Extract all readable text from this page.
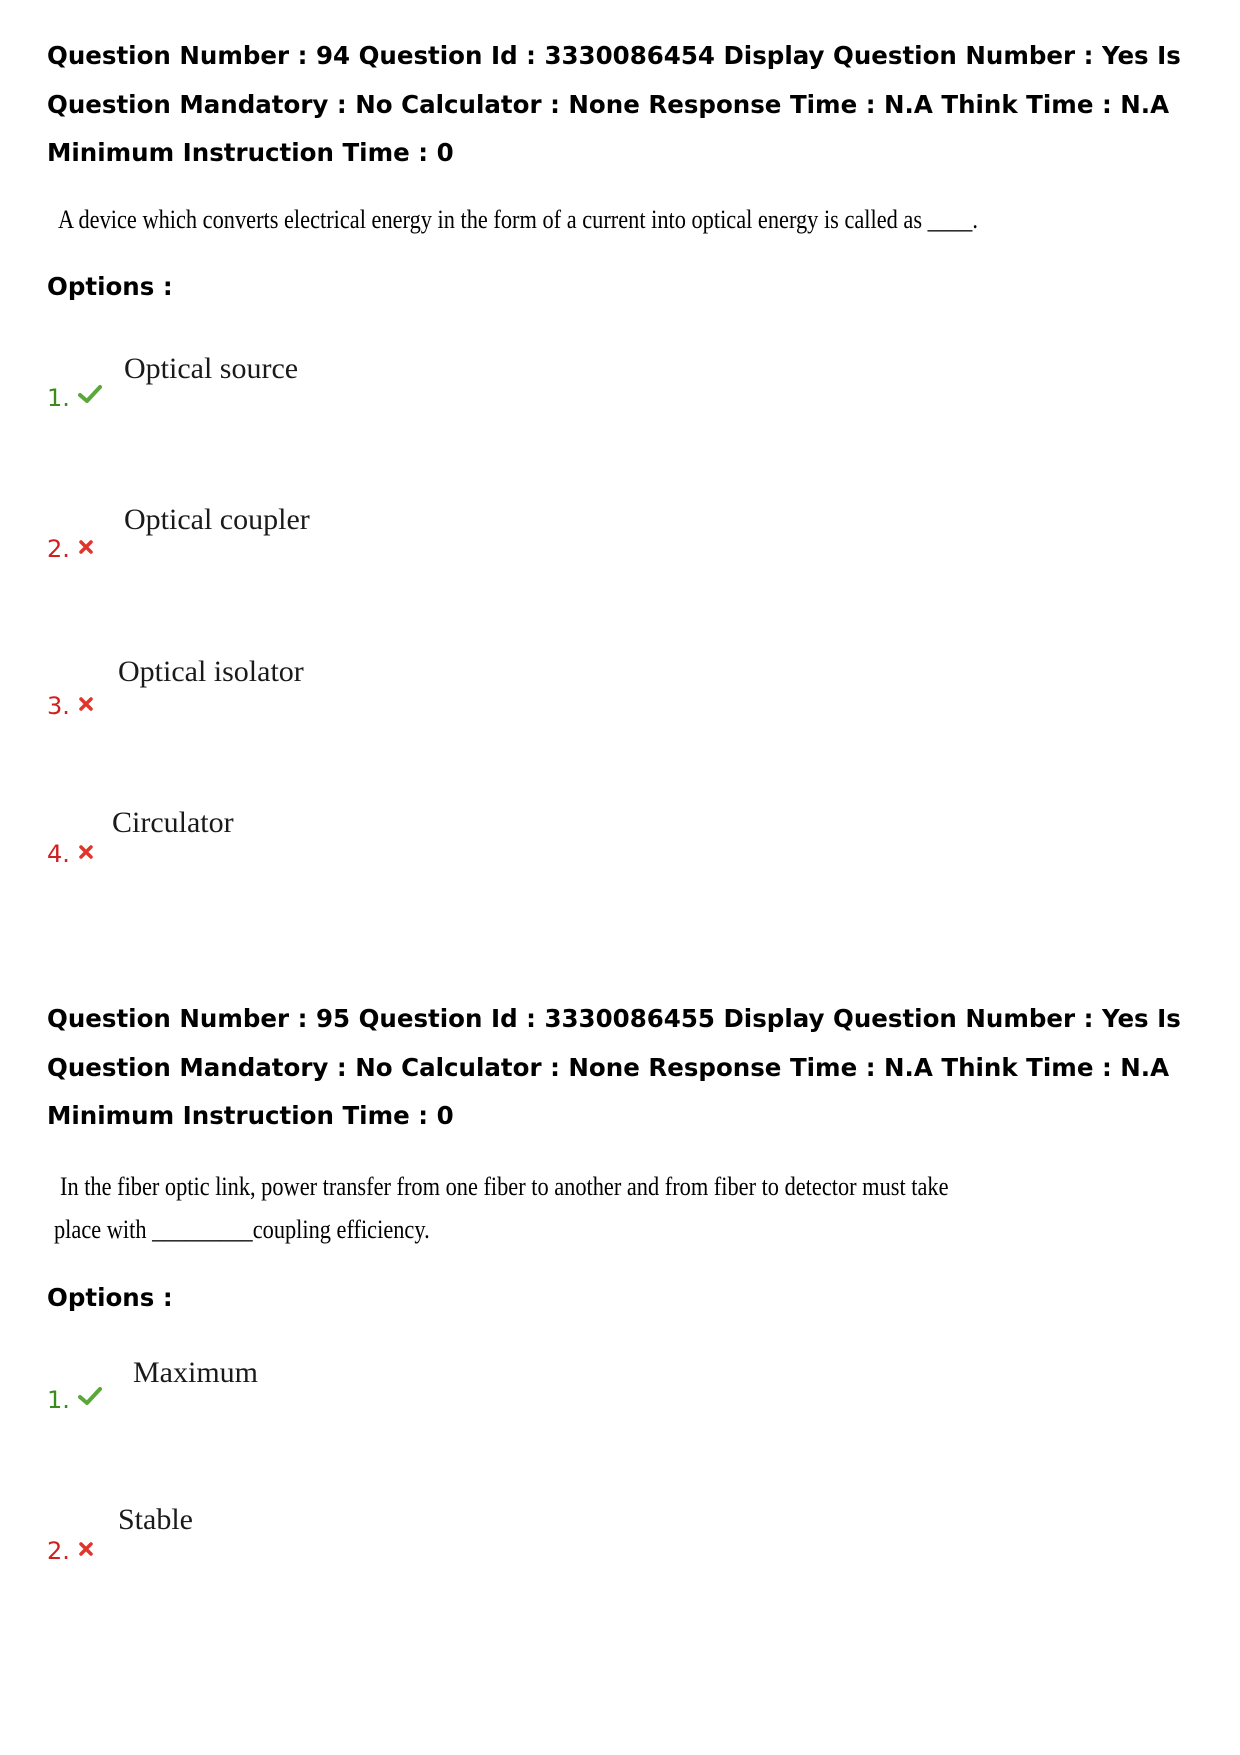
Question Number : 94 Question Id : 3330086454 Display Question Number : Yes Is Question Mandatory : No Calculator : None Response Time : N.A Think Time : N.A Minimum Instruction Time : 0

A device which converts electrical energy in the form of a current into optical energy is called as ____.

Options :

1.
Optical source
2.
Optical coupler
3.
Optical isolator
4.
Circulator

Question Number : 95 Question Id : 3330086455 Display Question Number : Yes Is Question Mandatory : No Calculator : None Response Time : N.A Think Time : N.A Minimum Instruction Time : 0

In the fiber optic link, power transfer from one fiber to another and from fiber to detector must take

place with _________coupling efficiency.

Options :

1.
Maximum
2.
Stable
